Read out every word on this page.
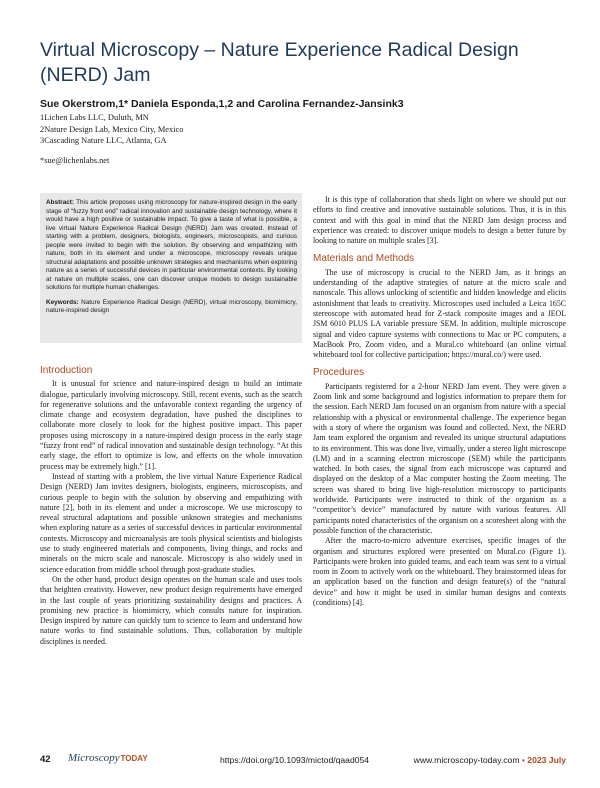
Virtual Microscopy – Nature Experience Radical Design (NERD) Jam
Sue Okerstrom,1* Daniela Esponda,1,2 and Carolina Fernandez-Jansink3
1Lichen Labs LLC, Duluth, MN
2Nature Design Lab, Mexico City, Mexico
3Cascading Nature LLC, Atlanta, GA
*sue@lichenlabs.net
Abstract: This article proposes using microscopy for nature-inspired design in the early stage of “fuzzy front end” radical innovation and sustainable design technology, where it would have a high positive or sustainable impact. To give a taste of what is possible, a live virtual Nature Experience Radical Design (NERD) Jam was created. Instead of starting with a problem, designers, biologists, engineers, microscopists, and curious people were invited to begin with the solution. By observing and empathizing with nature, both in its element and under a microscope, microscopy reveals unique structural adaptations and possible unknown strategies and mechanisms when exploring nature as a series of successful devices in particular environmental contexts. By looking at nature on multiple scales, one can discover unique models to design sustainable solutions for multiple human challenges.
Keywords: Nature Experience Radical Design (NERD), virtual microscopy, biomimicry, nature-inspired design
Introduction

It is unusual for science and nature-inspired design to build an intimate dialogue, particularly involving microscopy. Still, recent events, such as the search for regenerative solutions and the unfavorable context regarding the urgency of climate change and ecosystem degradation, have pushed the disciplines to collaborate more closely to look for the highest positive impact. This paper proposes using microscopy in a nature-inspired design process in the early stage “fuzzy front end” of radical innovation and sustainable design technology. “At this early stage, the effort to optimize is low, and effects on the whole innovation process may be extremely high.” [1].

Instead of starting with a problem, the live virtual Nature Experience Radical Design (NERD) Jam invites designers, biologists, engineers, microscopists, and curious people to begin with the solution by observing and empathizing with nature [2], both in its element and under a microscope. We use microscopy to reveal structural adaptations and possible unknown strategies and mechanisms when exploring nature as a series of successful devices in particular environmental contexts. Microscopy and microanalysis are tools physical scientists and biologists use to study engineered materials and components, living things, and rocks and minerals on the micro scale and nanoscale. Microscopy is also widely used in science education from middle school through post-graduate studies.

On the other hand, product design operates on the human scale and uses tools that heighten creativity. However, new product design requirements have emerged in the last couple of years prioritizing sustainability designs and practices. A promising new practice is biomimicry, which consults nature for inspiration. Design inspired by nature can quickly turn to science to learn and understand how nature works to find sustainable solutions. Thus, collaboration by multiple disciplines is needed.

It is this type of collaboration that sheds light on where we should put our efforts to find creative and innovative sustainable solutions. Thus, it is in this context and with this goal in mind that the NERD Jam design process and experience was created: to discover unique models to design a better future by looking to nature on multiple scales [3].

Materials and Methods

The use of microscopy is crucial to the NERD Jam, as it brings an understanding of the adaptive strategies of nature at the micro scale and nanoscale. This allows unlocking of scientific and hidden knowledge and elicits astonishment that leads to creativity. Microscopes used included a Leica 165C stereoscope with automated head for Z-stack composite images and a JEOL JSM 6010 PLUS LA variable pressure SEM. In addition, multiple microscope signal and video capture systems with connections to Mac or PC computers, a MacBook Pro, Zoom video, and a Mural.co whiteboard (an online virtual whiteboard tool for collective participation; https://mural.co/) were used.

Procedures

Participants registered for a 2-hour NERD Jam event. They were given a Zoom link and some background and logistics information to prepare them for the session. Each NERD Jam focused on an organism from nature with a special relationship with a physical or environmental challenge. The experience began with a story of where the organism was found and collected. Next, the NERD Jam team explored the organism and revealed its unique structural adaptations to its environment. This was done live, virtually, under a stereo light microscope (LM) and in a scanning electron microscope (SEM) while the participants watched. In both cases, the signal from each microscope was captured and displayed on the desktop of a Mac computer hosting the Zoom meeting. The screen was shared to bring live high-resolution microscopy to participants worldwide. Participants were instructed to think of the organism as a “competitor’s device” manufactured by nature with various features. All participants noted characteristics of the organism on a scoresheet along with the possible function of the characteristic.

After the macro-to-micro adventure exercises, specific images of the organism and structures explored were presented on Mural.co (Figure 1). Participants were broken into guided teams, and each team was sent to a virtual room in Zoom to actively work on the whiteboard. They brainstormed ideas for an application based on the function and design feature(s) of the “natural device” and how it might be used in similar human designs and contexts (conditions) [4].

42 Microscopy TODAY	https://doi.org/10.1093/mictod/qaad054	www.microscopy-today.com • 2023 July
